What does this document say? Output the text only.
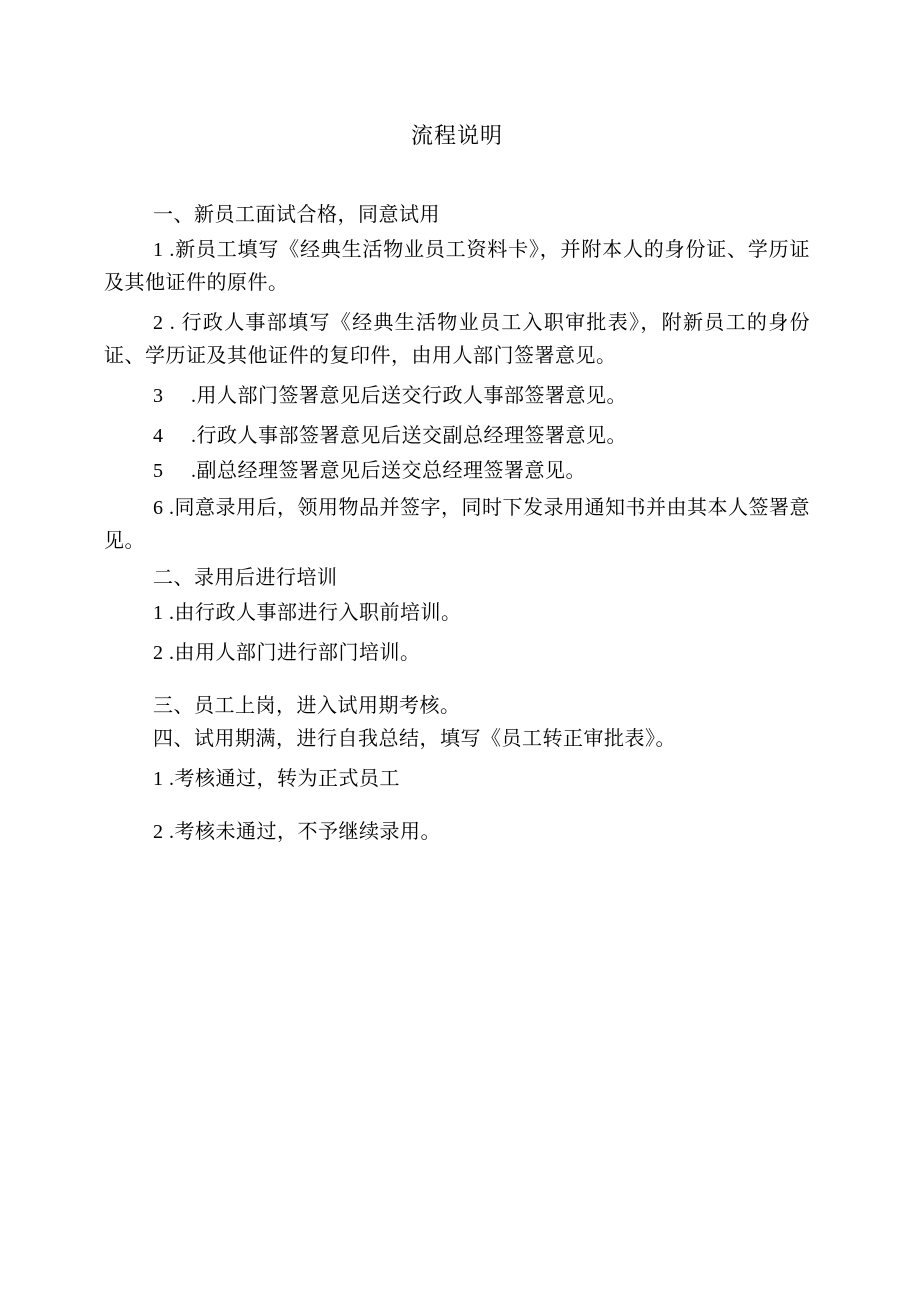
流程说明

一、新员工面试合格，同意试用

1 .新员工填写《经典生活物业员工资料卡》，并附本人的身份证、学历证及其他证件的原件。

2 . 行政人事部填写《经典生活物业员工入职审批表》，附新员工的身份证、学历证及其他证件的复印件，由用人部门签署意见。

3     .用人部门签署意见后送交行政人事部签署意见。

4     .行政人事部签署意见后送交副总经理签署意见。

5     .副总经理签署意见后送交总经理签署意见。

6 .同意录用后，领用物品并签字，同时下发录用通知书并由其本人签署意见。

二、录用后进行培训

1 .由行政人事部进行入职前培训。

2 .由用人部门进行部门培训。

三、员工上岗，进入试用期考核。

四、试用期满，进行自我总结，填写《员工转正审批表》。

1 .考核通过，转为正式员工

2 .考核未通过，不予继续录用。
